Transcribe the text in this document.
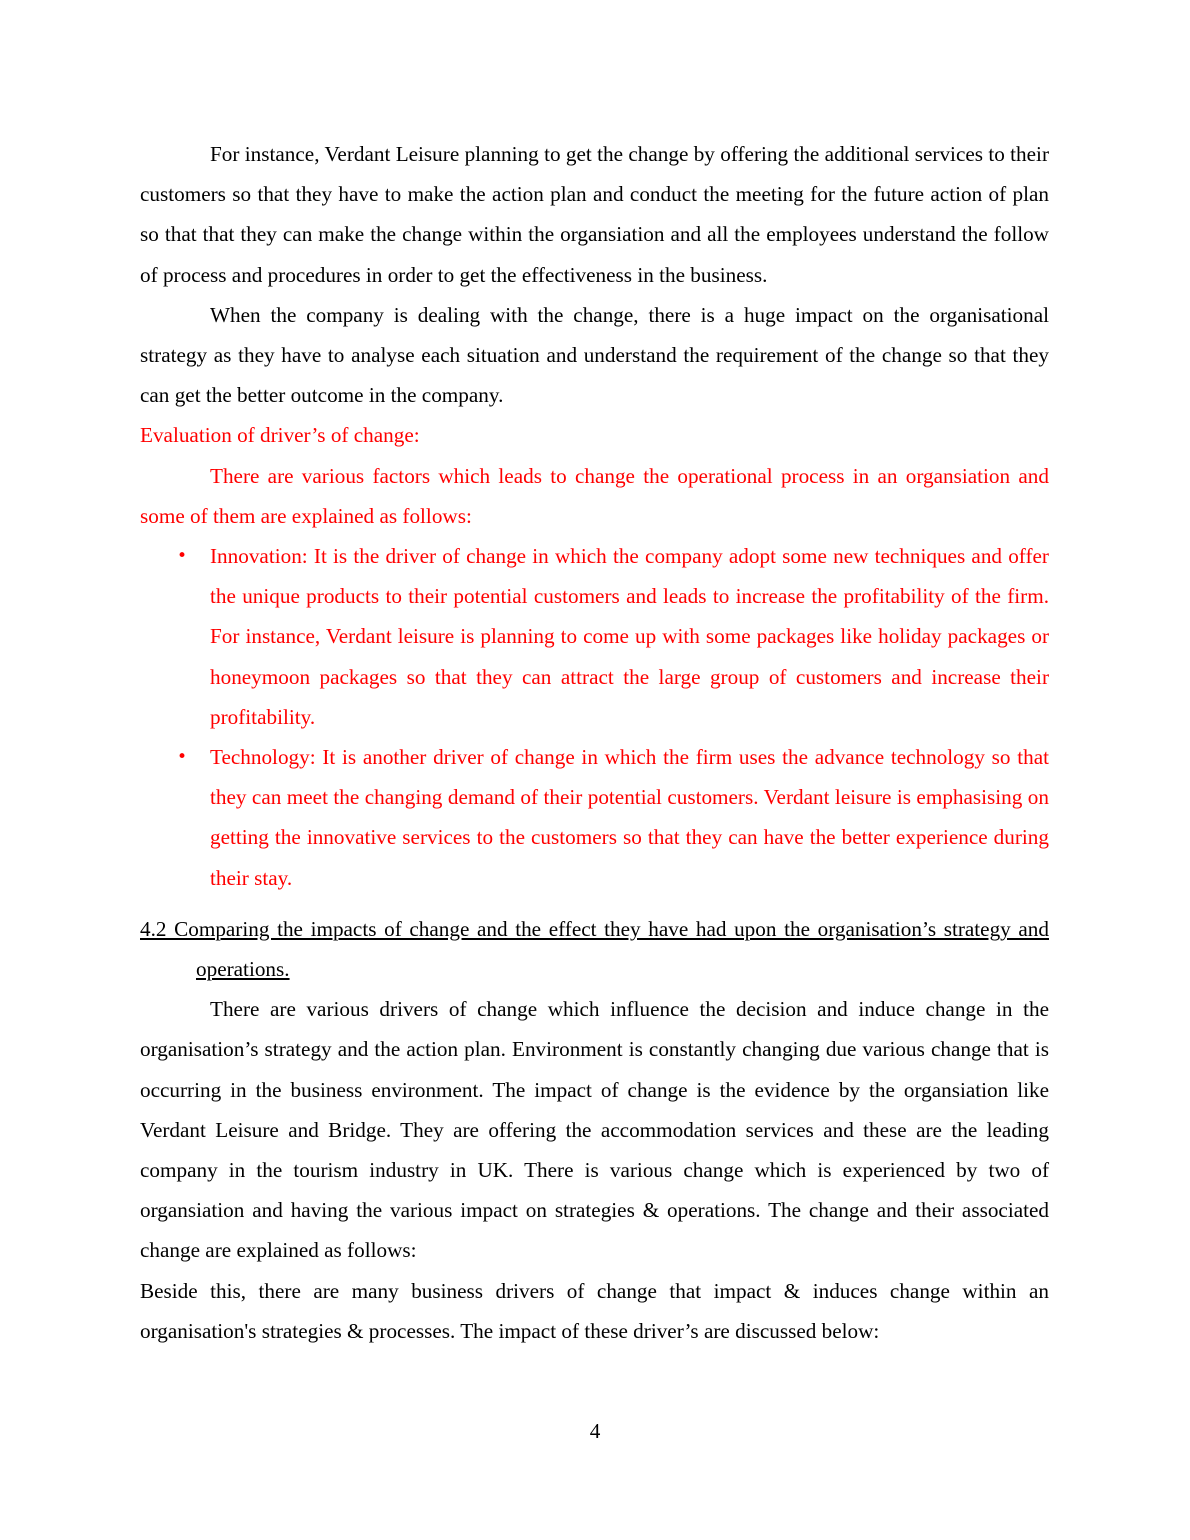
For instance, Verdant Leisure planning to get the change by offering the additional services to their customers so that they have to make the action plan and conduct the meeting for the future action of plan so that that they can make the change within the organsiation and all the employees understand the follow of process and procedures in order to get the effectiveness in the business.

When the company is dealing with the change, there is a huge impact on the organisational strategy as they have to analyse each situation and understand the requirement of the change so that they can get the better outcome in the company.

Evaluation of driver’s of change:

There are various factors which leads to change the operational process in an organsiation and some of them are explained as follows:

• Innovation: It is the driver of change in which the company adopt some new techniques and offer the unique products to their potential customers and leads to increase the profitability of the firm. For instance, Verdant leisure is planning to come up with some packages like holiday packages or honeymoon packages so that they can attract the large group of customers and increase their profitability.
• Technology: It is another driver of change in which the firm uses the advance technology so that they can meet the changing demand of their potential customers. Verdant leisure is emphasising on getting the innovative services to the customers so that they can have the better experience during their stay.

4.2 Comparing the impacts of change and the effect they have had upon the organisation’s strategy and operations.

There are various drivers of change which influence the decision and induce change in the organisation’s strategy and the action plan. Environment is constantly changing due various change that is occurring in the business environment. The impact of change is the evidence by the organsiation like Verdant Leisure and Bridge. They are offering the accommodation services and these are the leading company in the tourism industry in UK. There is various change which is experienced by two of organsiation and having the various impact on strategies & operations. The change and their associated change are explained as follows:

Beside this, there are many business drivers of change that impact & induces change within an organisation's strategies & processes. The impact of these driver’s are discussed below:

4
